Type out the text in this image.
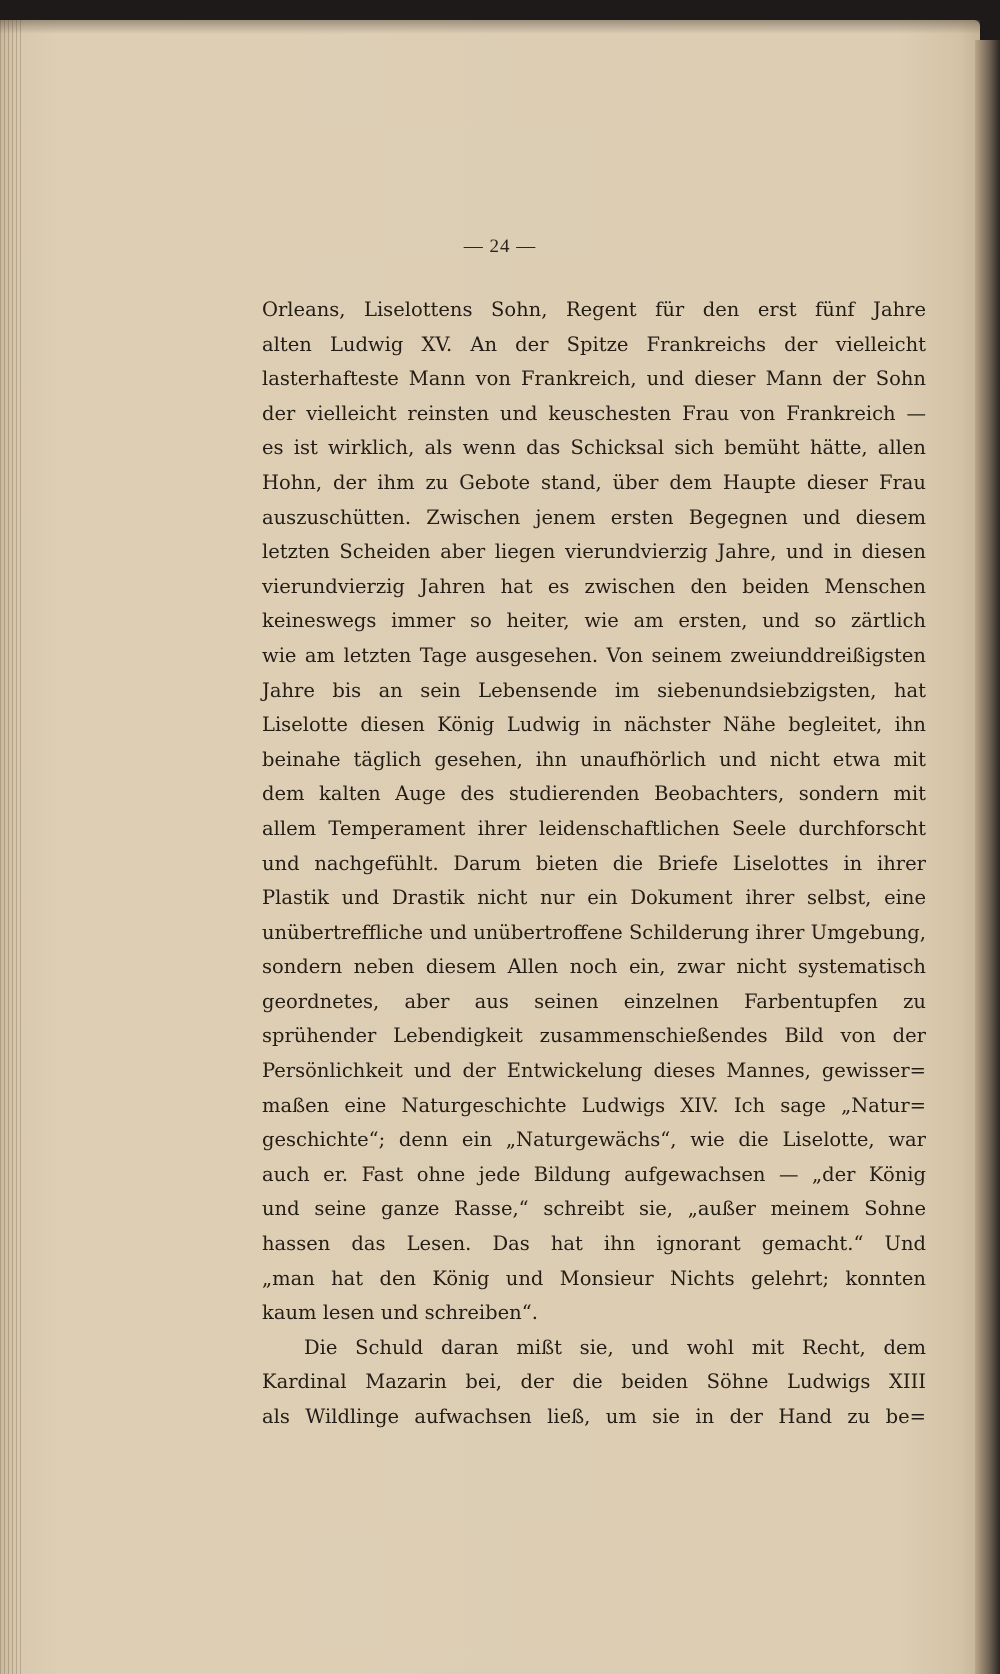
— 24 —
Orleans, Liselottens Sohn, Regent für den erst fünf Jahre
alten Ludwig XV. An der Spitze Frankreichs der vielleicht
lasterhafteste Mann von Frankreich, und dieser Mann der Sohn
der vielleicht reinsten und keuschesten Frau von Frankreich —
es ist wirklich, als wenn das Schicksal sich bemüht hätte, allen
Hohn, der ihm zu Gebote stand, über dem Haupte dieser Frau
auszuschütten. Zwischen jenem ersten Begegnen und diesem
letzten Scheiden aber liegen vierundvierzig Jahre, und in diesen
vierundvierzig Jahren hat es zwischen den beiden Menschen
keineswegs immer so heiter, wie am ersten, und so zärtlich
wie am letzten Tage ausgesehen. Von seinem zweiunddreißigsten
Jahre bis an sein Lebensende im siebenundsiebzigsten, hat
Liselotte diesen König Ludwig in nächster Nähe begleitet, ihn
beinahe täglich gesehen, ihn unaufhörlich und nicht etwa mit
dem kalten Auge des studierenden Beobachters, sondern mit
allem Temperament ihrer leidenschaftlichen Seele durchforscht
und nachgefühlt. Darum bieten die Briefe Liselottes in ihrer
Plastik und Drastik nicht nur ein Dokument ihrer selbst, eine
unübertreffliche und unübertroffene Schilderung ihrer Umgebung,
sondern neben diesem Allen noch ein, zwar nicht systematisch
geordnetes, aber aus seinen einzelnen Farbentupfen zu
sprühender Lebendigkeit zusammenschießendes Bild von der
Persönlichkeit und der Entwickelung dieses Mannes, gewisser=
maßen eine Naturgeschichte Ludwigs XIV. Ich sage „Natur=
geschichte“; denn ein „Naturgewächs“, wie die Liselotte, war
auch er. Fast ohne jede Bildung aufgewachsen — „der König
und seine ganze Rasse,“ schreibt sie, „außer meinem Sohne
hassen das Lesen. Das hat ihn ignorant gemacht.“ Und
„man hat den König und Monsieur Nichts gelehrt; konnten
kaum lesen und schreiben“.
Die Schuld daran mißt sie, und wohl mit Recht, dem
Kardinal Mazarin bei, der die beiden Söhne Ludwigs XIII
als Wildlinge aufwachsen ließ, um sie in der Hand zu be=
